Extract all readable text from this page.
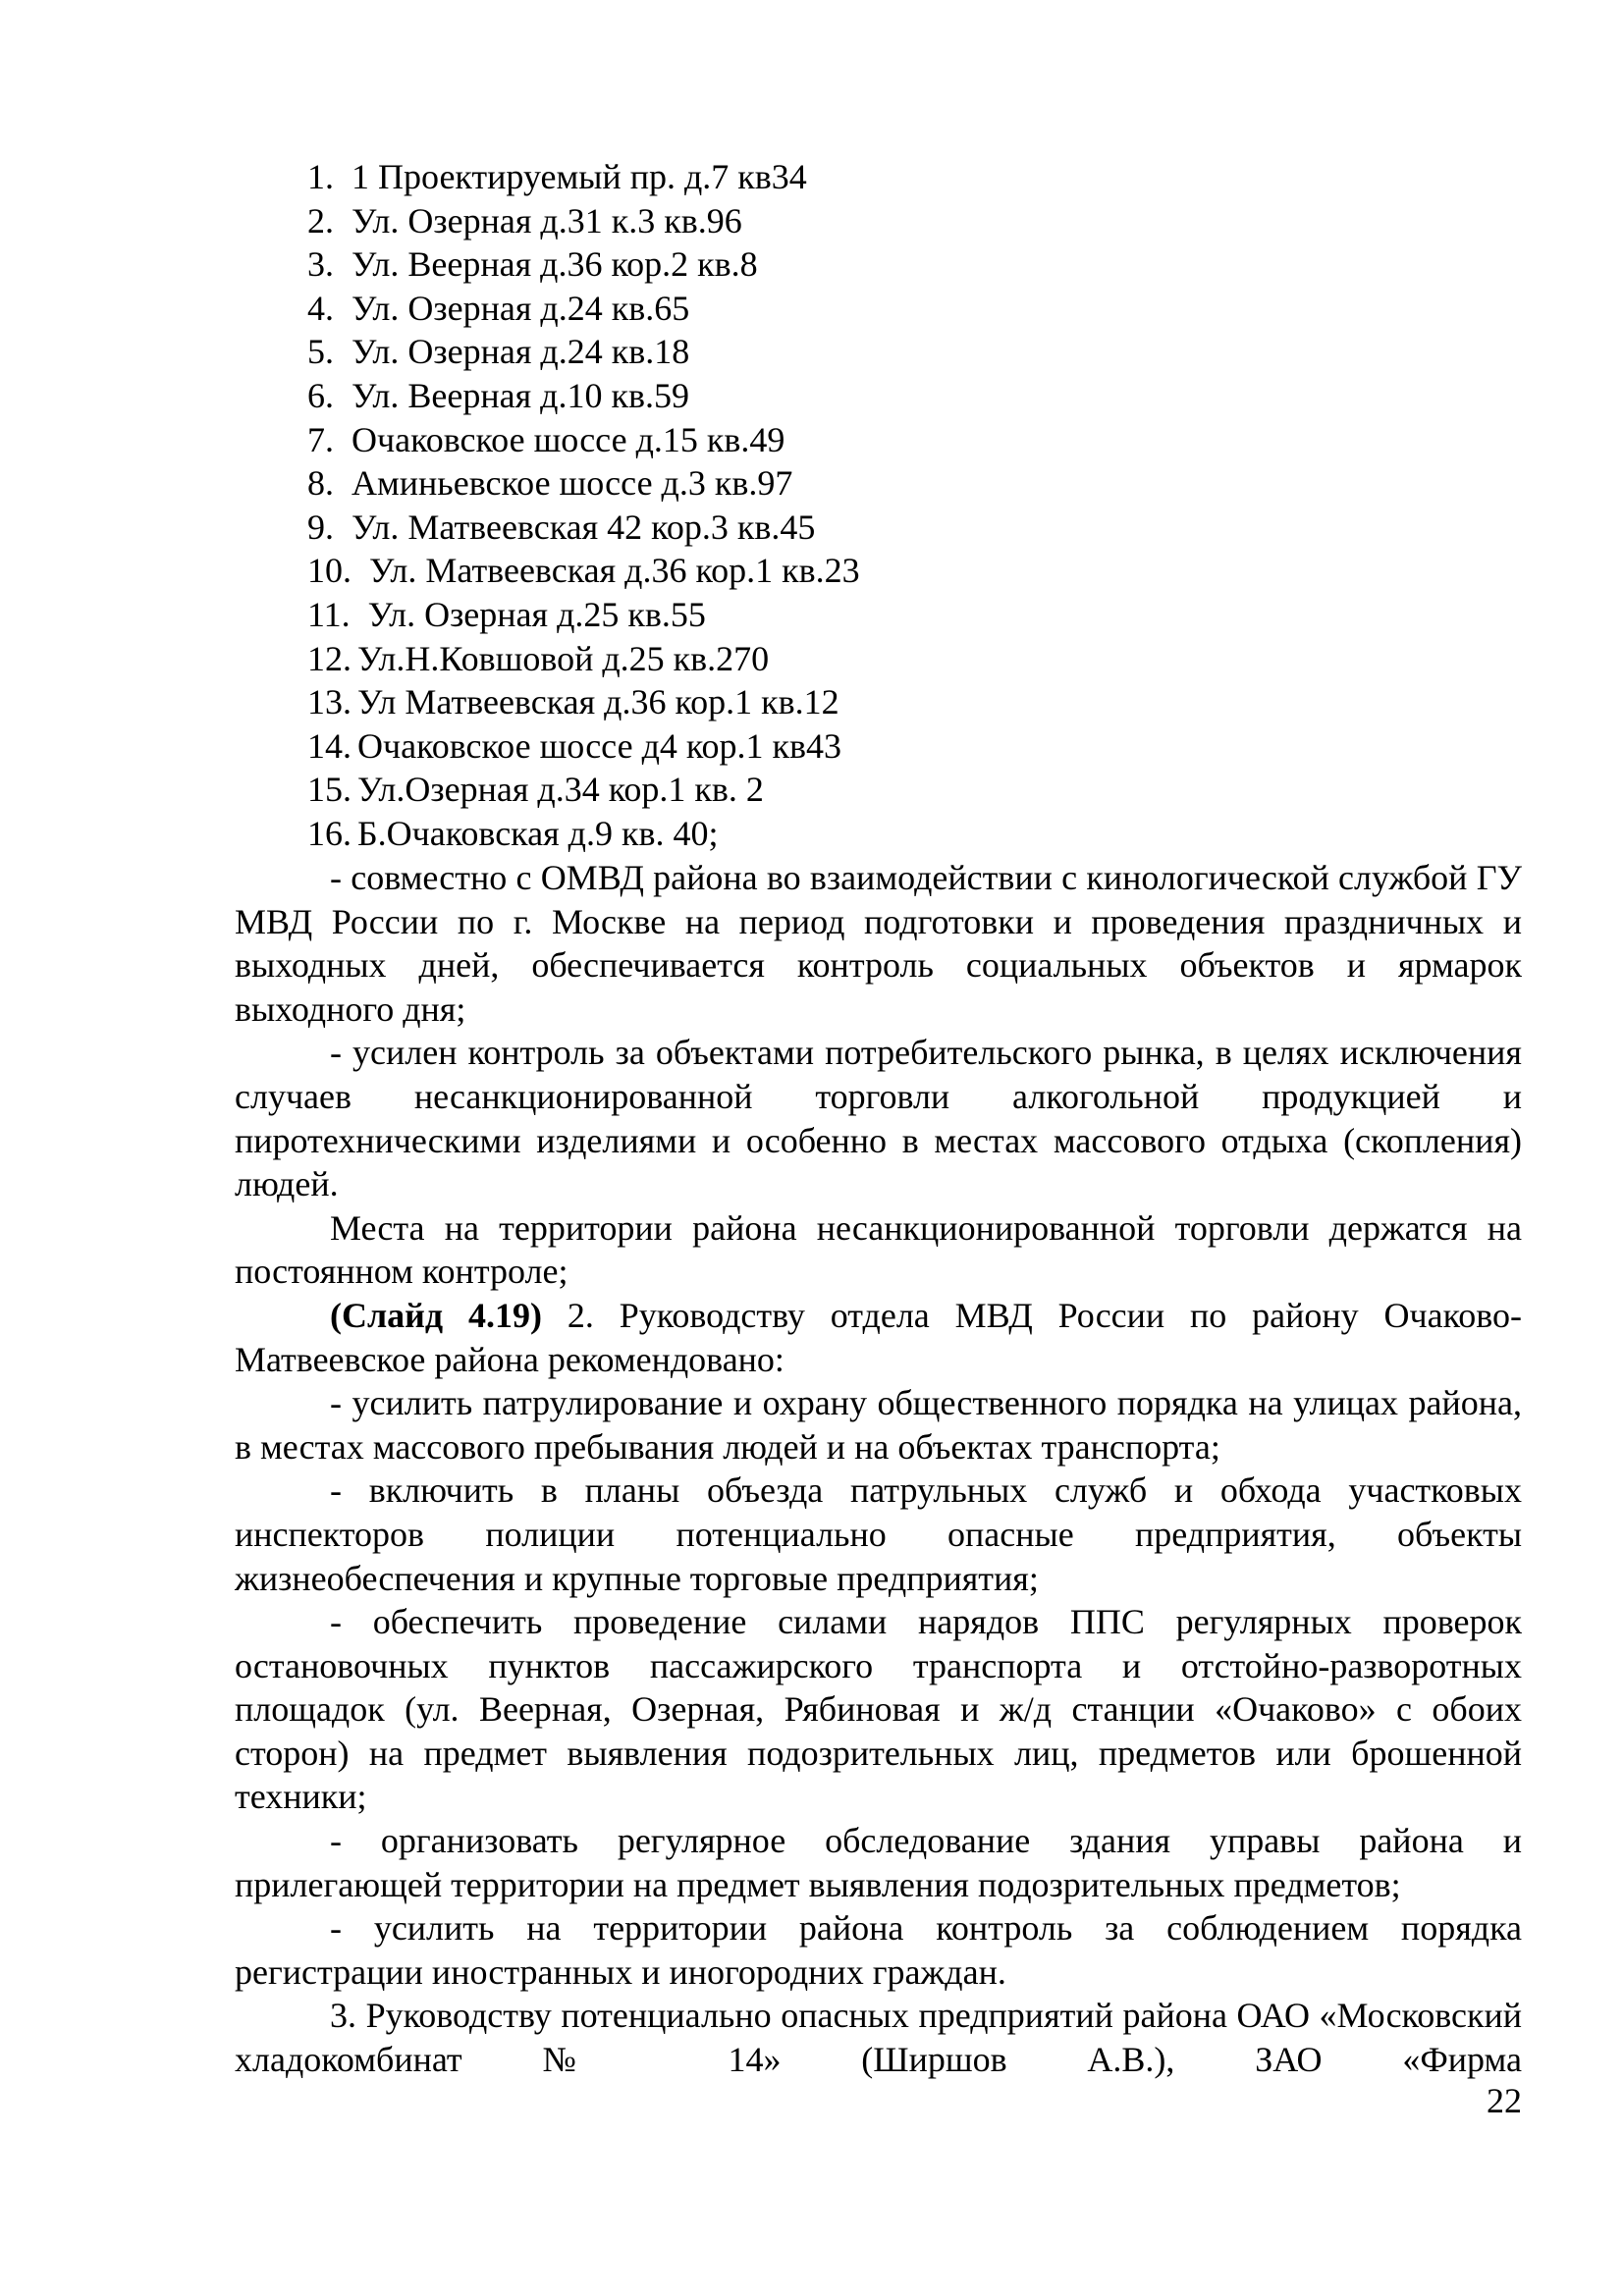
1. 1 Проектируемый пр. д.7 кв34
2. Ул. Озерная д.31 к.3 кв.96
3. Ул. Веерная д.36 кор.2 кв.8
4. Ул. Озерная д.24 кв.65
5. Ул. Озерная д.24 кв.18
6. Ул. Веерная д.10 кв.59
7. Очаковское шоссе д.15 кв.49
8. Аминьевское шоссе д.3 кв.97
9. Ул. Матвеевская 42 кор.3 кв.45
10. Ул. Матвеевская д.36 кор.1 кв.23
11. Ул. Озерная д.25 кв.55
12. Ул.Н.Ковшовой д.25 кв.270
13. Ул Матвеевская д.36 кор.1 кв.12
14. Очаковское шоссе д4 кор.1 кв43
15. Ул.Озерная д.34 кор.1 кв. 2
16. Б.Очаковская д.9 кв. 40;

- совместно с ОМВД района во взаимодействии с кинологической службой ГУ МВД России по г. Москве на период подготовки и проведения праздничных и выходных дней, обеспечивается контроль социальных объектов и ярмарок выходного дня;

- усилен контроль за объектами потребительского рынка, в целях исключения случаев несанкционированной торговли алкогольной продукцией и пиротехническими изделиями и особенно в местах массового отдыха (скопления) людей.

Места на территории района несанкционированной торговли держатся на постоянном контроле;

(Слайд 4.19) 2. Руководству отдела МВД России по району Очаково-Матвеевское района рекомендовано:

- усилить патрулирование и охрану общественного порядка на улицах района, в местах массового пребывания людей и на объектах транспорта;

- включить в планы объезда патрульных служб и обхода участковых инспекторов полиции потенциально опасные предприятия, объекты жизнеобеспечения и крупные торговые предприятия;

- обеспечить проведение силами нарядов ППС регулярных проверок остановочных пунктов пассажирского транспорта и отстойно-разворотных площадок (ул. Веерная, Озерная, Рябиновая и ж/д станции «Очаково» с обоих сторон) на предмет выявления подозрительных лиц, предметов или брошенной техники;

- организовать регулярное обследование здания управы района и прилегающей территории на предмет выявления подозрительных предметов;

- усилить на территории района контроль за соблюдением порядка регистрации иностранных и иногородних граждан.

3. Руководству потенциально опасных предприятий района ОАО «Московский хладокомбинат № 14» (Ширшов А.В.), ЗАО «Фирма

22
